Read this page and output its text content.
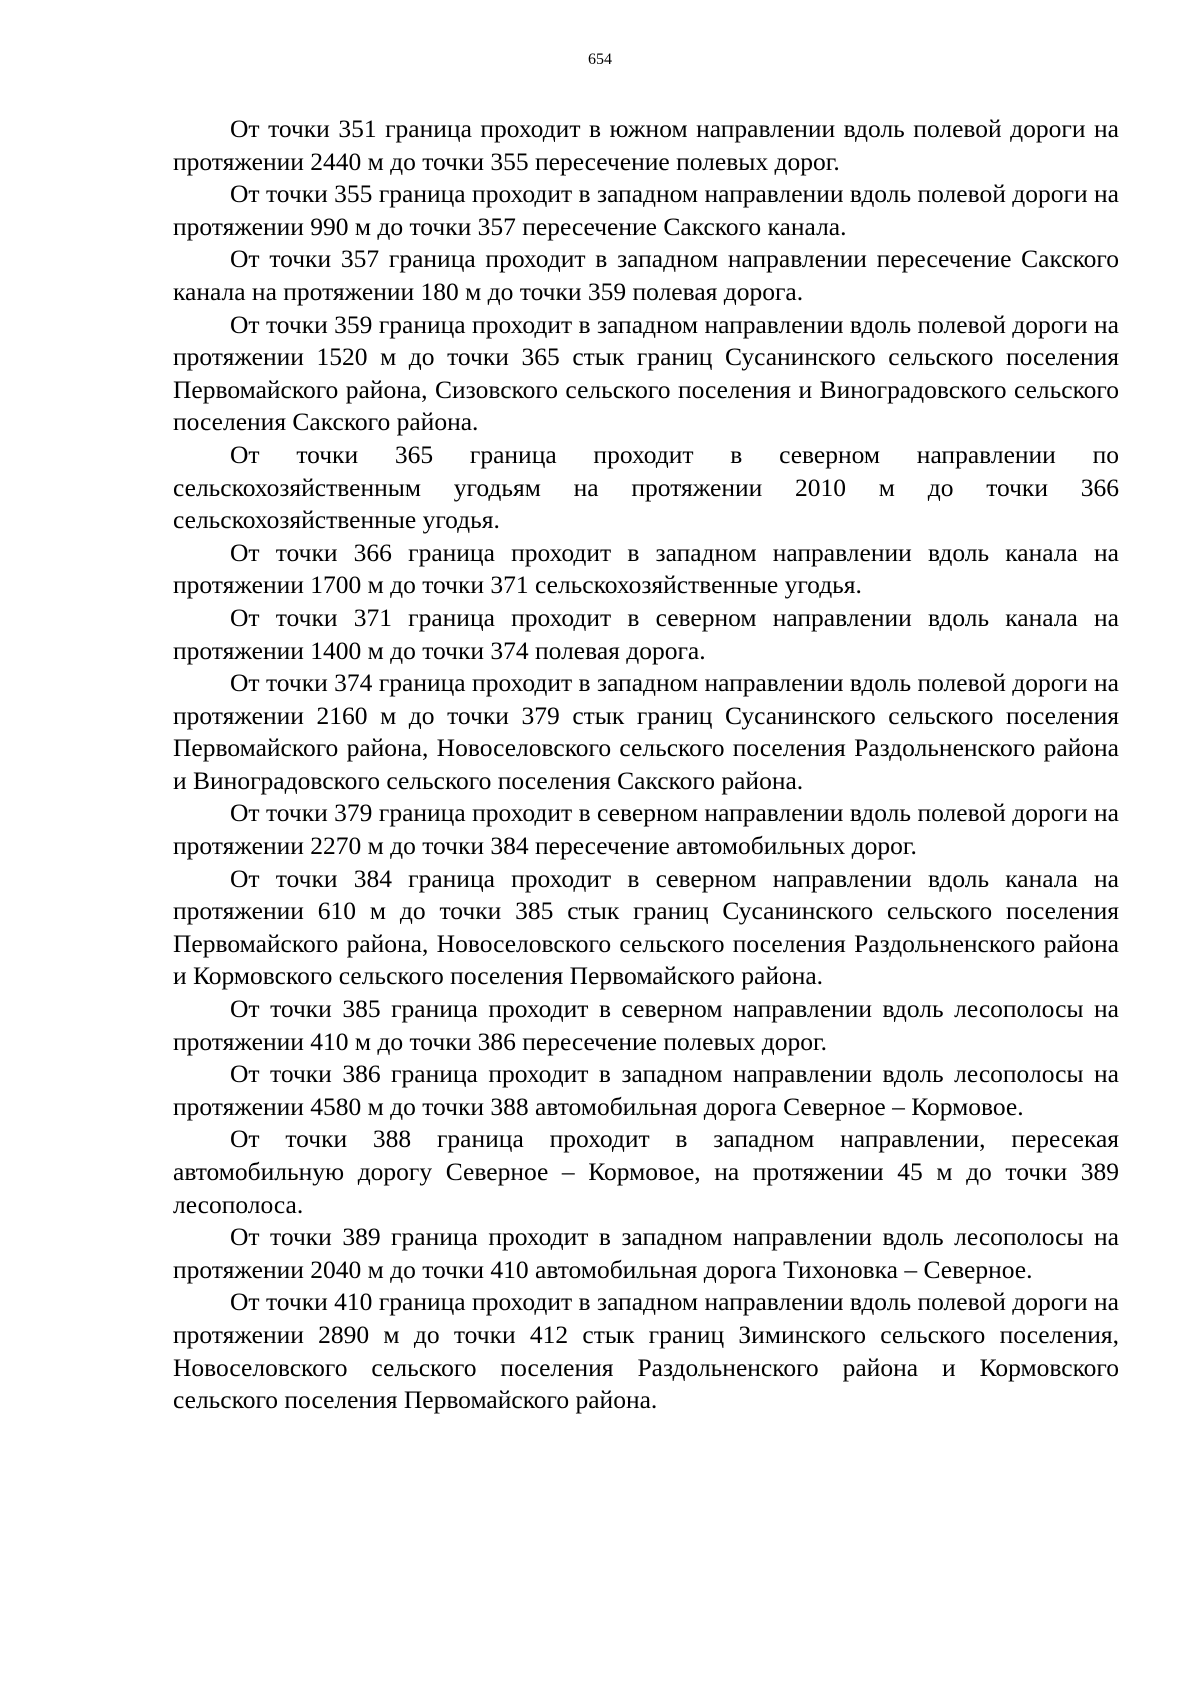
654

От точки 351 граница проходит в южном направлении вдоль полевой дороги на протяжении 2440 м до точки 355 пересечение полевых дорог.

От точки 355 граница проходит в западном направлении вдоль полевой дороги на протяжении 990 м до точки 357 пересечение Сакского канала.

От точки 357 граница проходит в западном направлении пересечение Сакского канала на протяжении 180 м до точки 359 полевая дорога.

От точки 359 граница проходит в западном направлении вдоль полевой дороги на протяжении 1520 м до точки 365 стык границ Сусанинского сельского поселения Первомайского района, Сизовского сельского поселения и Виноградовского сельского поселения Сакского района.

От точки 365 граница проходит в северном направлении по сельскохозяйственным угодьям на протяжении 2010 м до точки 366 сельскохозяйственные угодья.

От точки 366 граница проходит в западном направлении вдоль канала на протяжении 1700 м до точки 371 сельскохозяйственные угодья.

От точки 371 граница проходит в северном направлении вдоль канала на протяжении 1400 м до точки 374 полевая дорога.

От точки 374 граница проходит в западном направлении вдоль полевой дороги на протяжении 2160 м до точки 379 стык границ Сусанинского сельского поселения Первомайского района, Новоселовского сельского поселения Раздольненского района и Виноградовского сельского поселения Сакского района.

От точки 379 граница проходит в северном направлении вдоль полевой дороги на протяжении 2270 м до точки 384 пересечение автомобильных дорог.

От точки 384 граница проходит в северном направлении вдоль канала на протяжении 610 м до точки 385 стык границ Сусанинского сельского поселения Первомайского района, Новоселовского сельского поселения Раздольненского района и Кормовского сельского поселения Первомайского района.

От точки 385 граница проходит в северном направлении вдоль лесополосы на протяжении 410 м до точки 386 пересечение полевых дорог.

От точки 386 граница проходит в западном направлении вдоль лесополосы на протяжении 4580 м до точки 388 автомобильная дорога Северное – Кормовое.

От точки 388 граница проходит в западном направлении, пересекая автомобильную дорогу Северное – Кормовое, на протяжении 45 м до точки 389 лесополоса.

От точки 389 граница проходит в западном направлении вдоль лесополосы на протяжении 2040 м до точки 410 автомобильная дорога Тихоновка – Северное.

От точки 410 граница проходит в западном направлении вдоль полевой дороги на протяжении 2890 м до точки 412 стык границ Зиминского сельского поселения, Новоселовского сельского поселения Раздольненского района и Кормовского сельского поселения Первомайского района.
